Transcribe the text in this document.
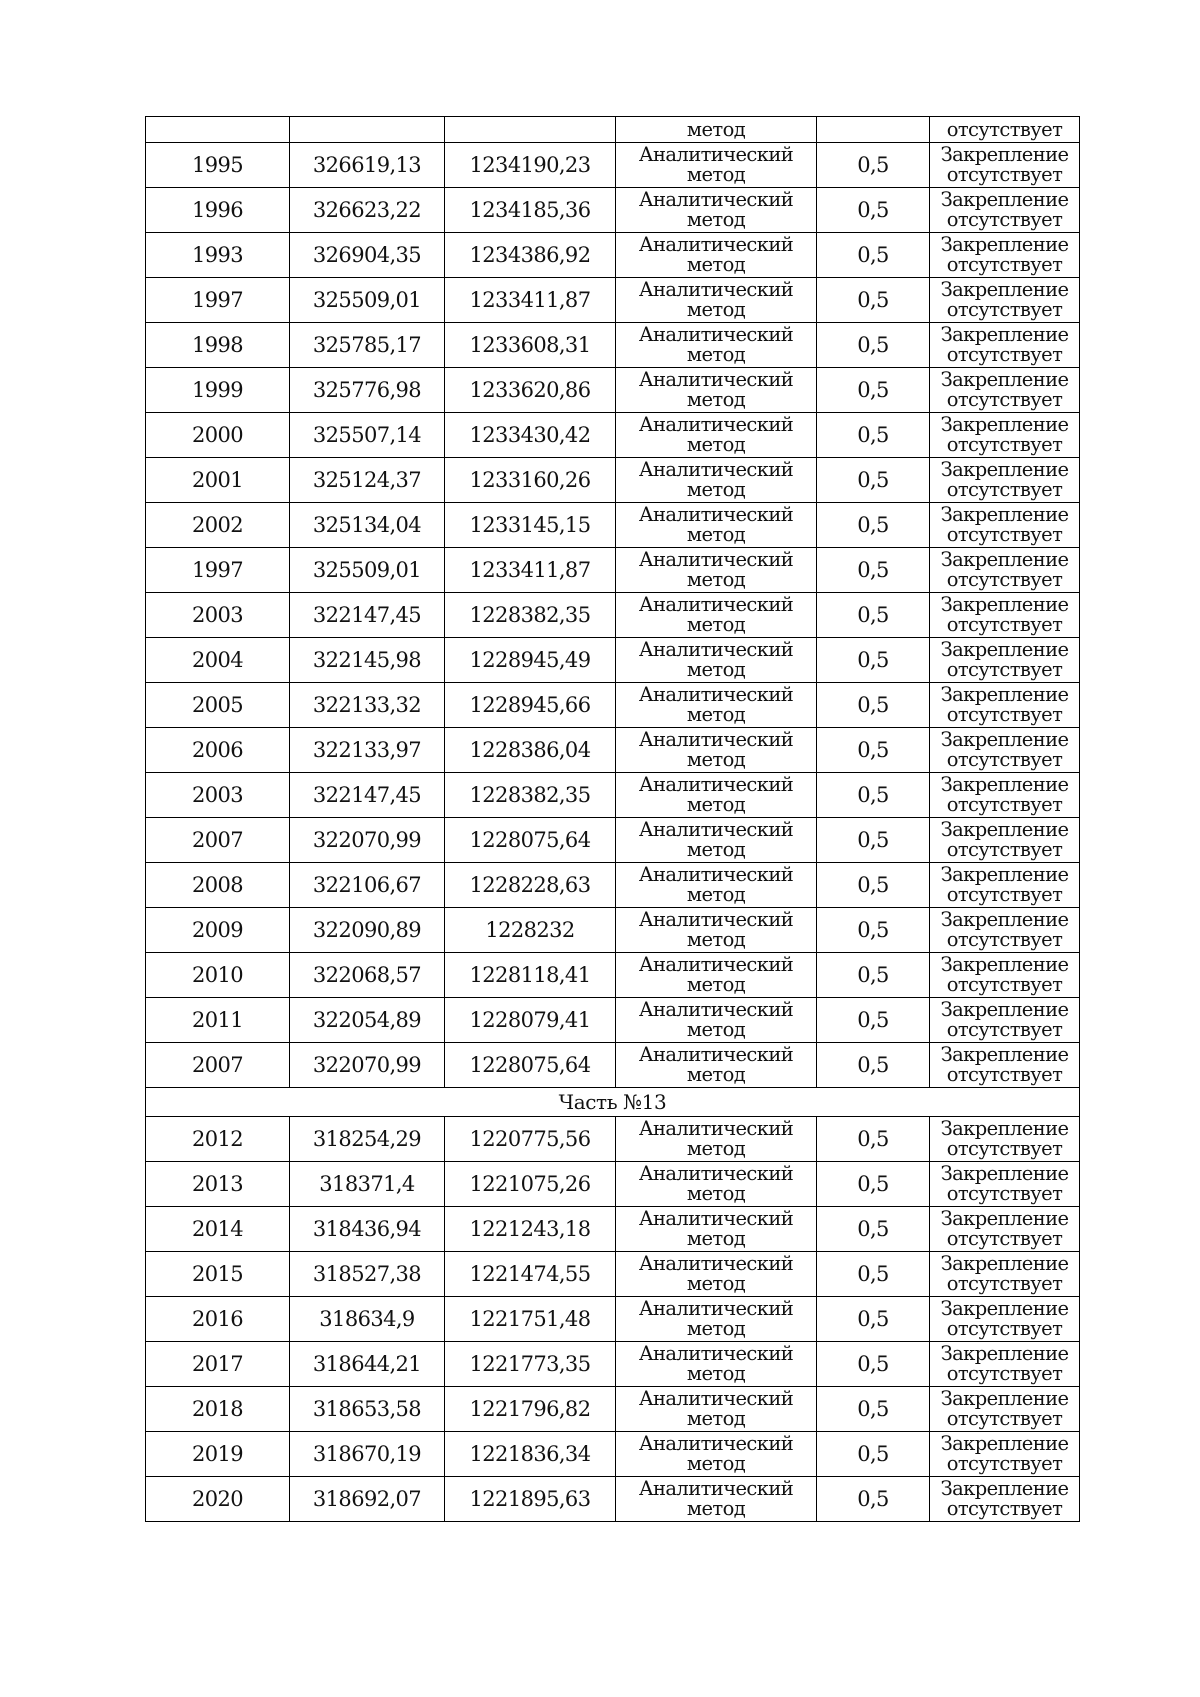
			метод		отсутствует
1995	326619,13	1234190,23	Аналитический
метод	0,5	Закрепление
отсутствует

1996	326623,22	1234185,36	Аналитический
метод	0,5	Закрепление
отсутствует

1993	326904,35	1234386,92	Аналитический
метод	0,5	Закрепление
отсутствует

1997	325509,01	1233411,87	Аналитический
метод	0,5	Закрепление
отсутствует

1998	325785,17	1233608,31	Аналитический
метод	0,5	Закрепление
отсутствует

1999	325776,98	1233620,86	Аналитический
метод	0,5	Закрепление
отсутствует

2000	325507,14	1233430,42	Аналитический
метод	0,5	Закрепление
отсутствует

2001	325124,37	1233160,26	Аналитический
метод	0,5	Закрепление
отсутствует

2002	325134,04	1233145,15	Аналитический
метод	0,5	Закрепление
отсутствует

1997	325509,01	1233411,87	Аналитический
метод	0,5	Закрепление
отсутствует

2003	322147,45	1228382,35	Аналитический
метод	0,5	Закрепление
отсутствует

2004	322145,98	1228945,49	Аналитический
метод	0,5	Закрепление
отсутствует

2005	322133,32	1228945,66	Аналитический
метод	0,5	Закрепление
отсутствует

2006	322133,97	1228386,04	Аналитический
метод	0,5	Закрепление
отсутствует

2003	322147,45	1228382,35	Аналитический
метод	0,5	Закрепление
отсутствует

2007	322070,99	1228075,64	Аналитический
метод	0,5	Закрепление
отсутствует

2008	322106,67	1228228,63	Аналитический
метод	0,5	Закрепление
отсутствует

2009	322090,89	1228232	Аналитический
метод	0,5	Закрепление
отсутствует

2010	322068,57	1228118,41	Аналитический
метод	0,5	Закрепление
отсутствует

2011	322054,89	1228079,41	Аналитический
метод	0,5	Закрепление
отсутствует

2007	322070,99	1228075,64	Аналитический
метод	0,5	Закрепление
отсутствует

Часть №13					
2012	318254,29	1220775,56	Аналитический
метод	0,5	Закрепление
отсутствует

2013	318371,4	1221075,26	Аналитический
метод	0,5	Закрепление
отсутствует

2014	318436,94	1221243,18	Аналитический
метод	0,5	Закрепление
отсутствует

2015	318527,38	1221474,55	Аналитический
метод	0,5	Закрепление
отсутствует

2016	318634,9	1221751,48	Аналитический
метод	0,5	Закрепление
отсутствует

2017	318644,21	1221773,35	Аналитический
метод	0,5	Закрепление
отсутствует

2018	318653,58	1221796,82	Аналитический
метод	0,5	Закрепление
отсутствует

2019	318670,19	1221836,34	Аналитический
метод	0,5	Закрепление
отсутствует

2020	318692,07	1221895,63	Аналитический
метод	0,5	Закрепление
отсутствует
